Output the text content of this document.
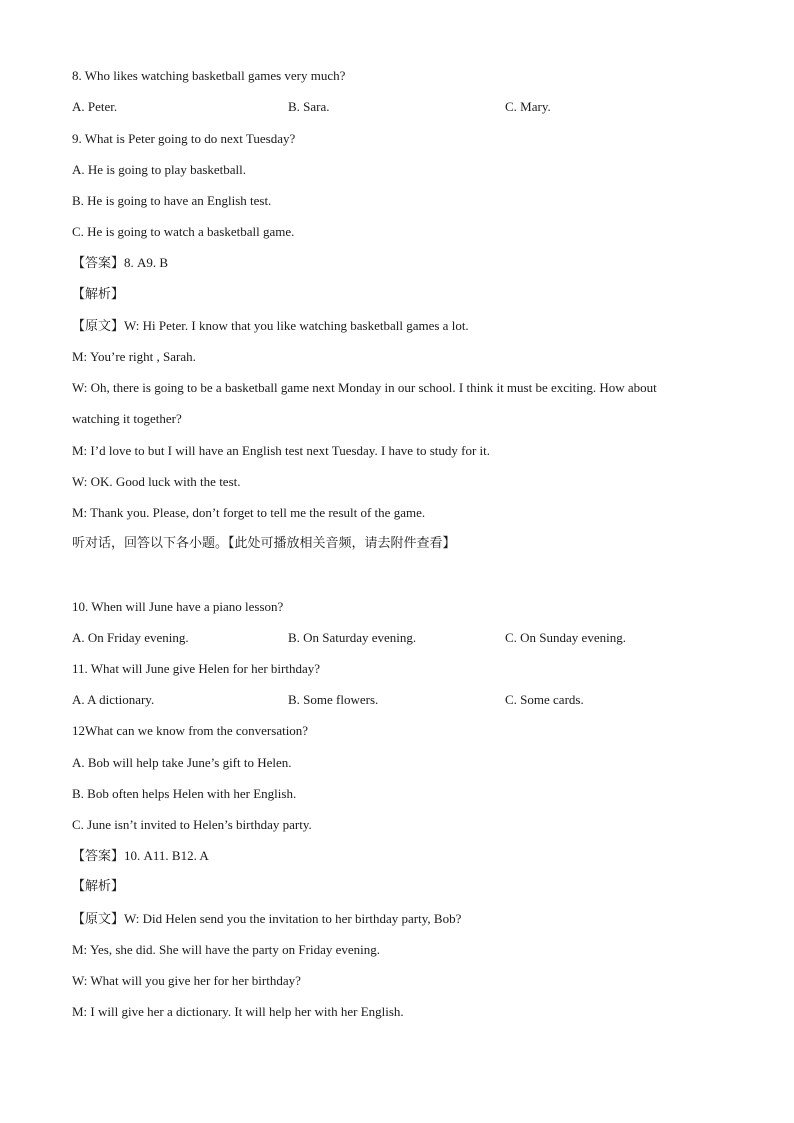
8. Who likes watching basketball games very much?
A. Peter.	B. Sara.	C. Mary.
9. What is Peter going to do next Tuesday?
A. He is going to play basketball.
B. He is going to have an English test.
C. He is going to watch a basketball game.
【答案】8. A9. B
【解析】
【原文】W: Hi Peter. I know that you like watching basketball games a lot.
M: You’re right , Sarah.
W: Oh, there is going to be a basketball game next Monday in our school. I think it must be exciting. How about
watching it together?
M: I’d love to but I will have an English test next Tuesday. I have to study for it.
W: OK. Good luck with the test.
M: Thank you. Please, don’t forget to tell me the result of the game.
听对话，回答以下各小题。【此处可播放相关音频，请去附件查看】
10. When will June have a piano lesson?
A. On Friday evening.	B. On Saturday evening.	C. On Sunday evening.
11. What will June give Helen for her birthday?
A. A dictionary.	B. Some flowers.	C. Some cards.
12What can we know from the conversation?
A. Bob will help take June’s gift to Helen.
B. Bob often helps Helen with her English.
C. June isn’t invited to Helen’s birthday party.
【答案】10. A11. B12. A
【解析】
【原文】W: Did Helen send you the invitation to her birthday party, Bob?
M: Yes, she did. She will have the party on Friday evening.
W: What will you give her for her birthday?
M: I will give her a dictionary. It will help her with her English.
